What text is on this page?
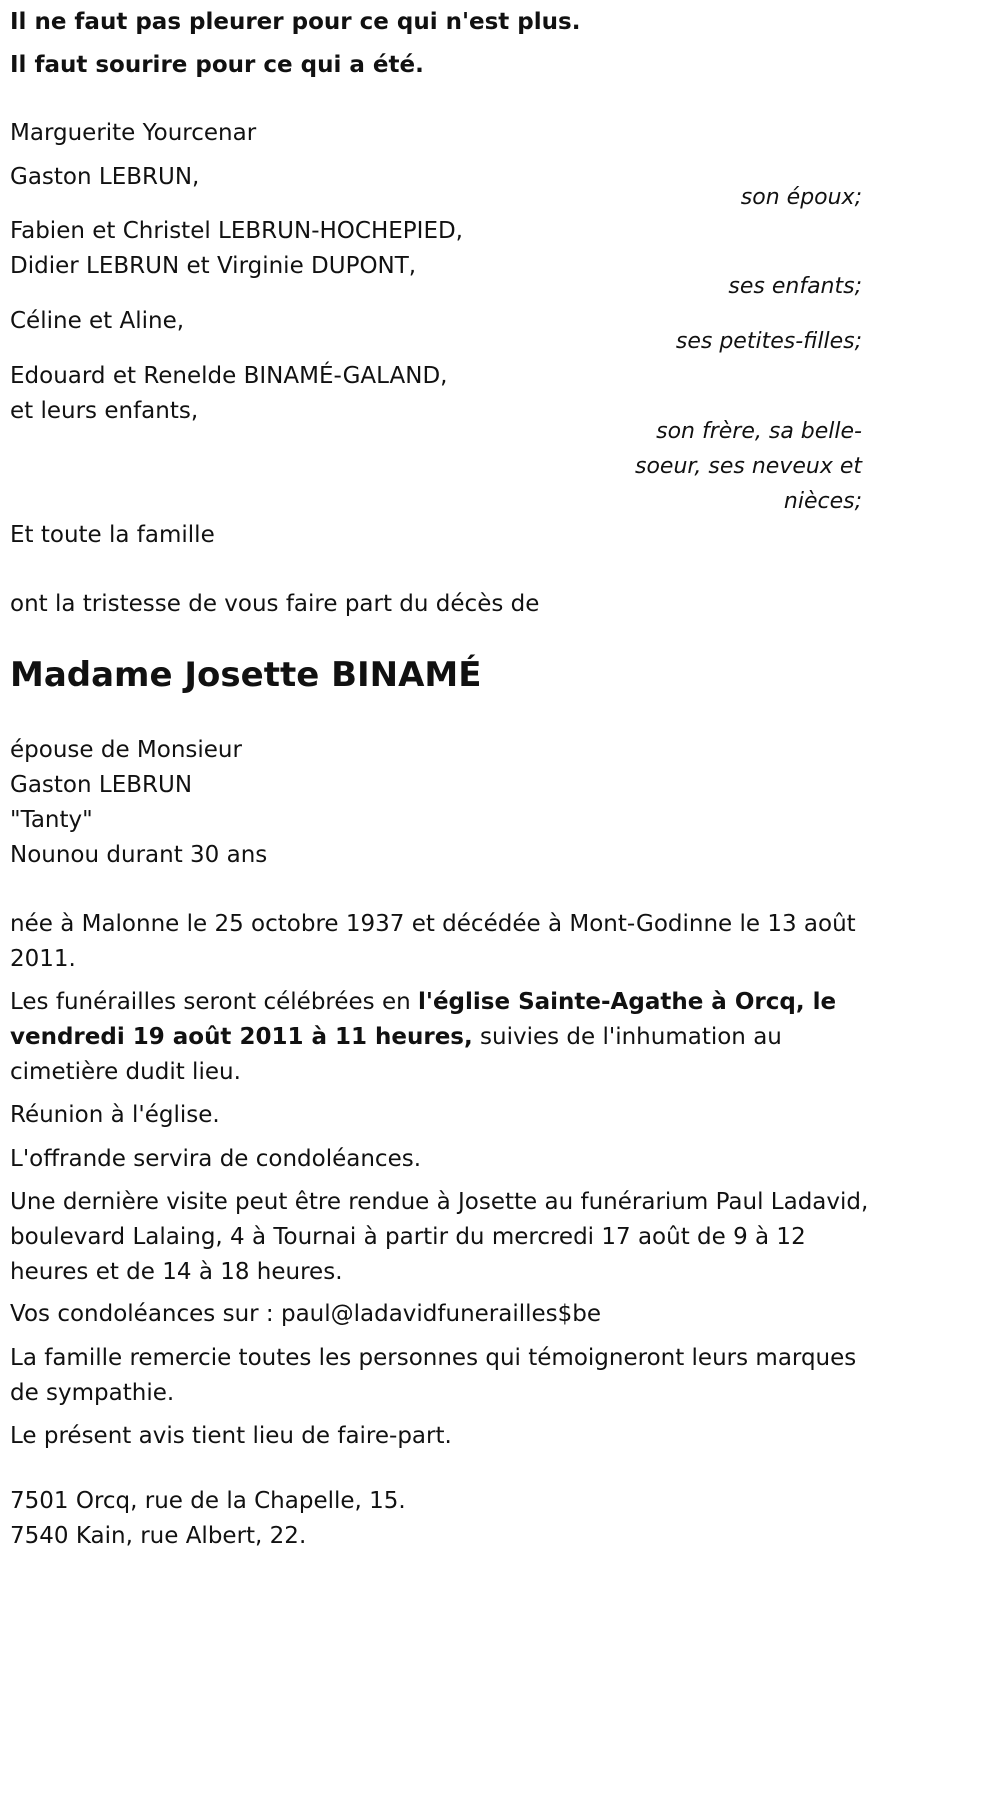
Il ne faut pas pleurer pour ce qui n'est plus.
Il faut sourire pour ce qui a été.
Marguerite Yourcenar
Gaston LEBRUN,
son époux;
Fabien et Christel LEBRUN-HOCHEPIED,
Didier LEBRUN et Virginie DUPONT,
ses enfants;
Céline et Aline,
ses petites-filles;
Edouard et Renelde BINAMÉ-GALAND,
et leurs enfants,
son frère, sa belle-
soeur, ses neveux et
nièces;
Et toute la famille
ont la tristesse de vous faire part du décès de
Madame Josette BINAMÉ
épouse de Monsieur
Gaston LEBRUN
"Tanty"
Nounou durant 30 ans
née à Malonne le 25 octobre 1937 et décédée à Mont-Godinne le 13 août 2011.
Les funérailles seront célébrées en l'église Sainte-Agathe à Orcq, le vendredi 19 août 2011 à 11 heures, suivies de l'inhumation au cimetière dudit lieu.
Réunion à l'église.
L'offrande servira de condoléances.
Une dernière visite peut être rendue à Josette au funérarium Paul Ladavid, boulevard Lalaing, 4 à Tournai à partir du mercredi 17 août de 9 à 12 heures et de 14 à 18 heures.
Vos condoléances sur : paul@ladavidfunerailles$be
La famille remercie toutes les personnes qui témoigneront leurs marques de sympathie.
Le présent avis tient lieu de faire-part.
7501 Orcq, rue de la Chapelle, 15.
7540 Kain, rue Albert, 22.
